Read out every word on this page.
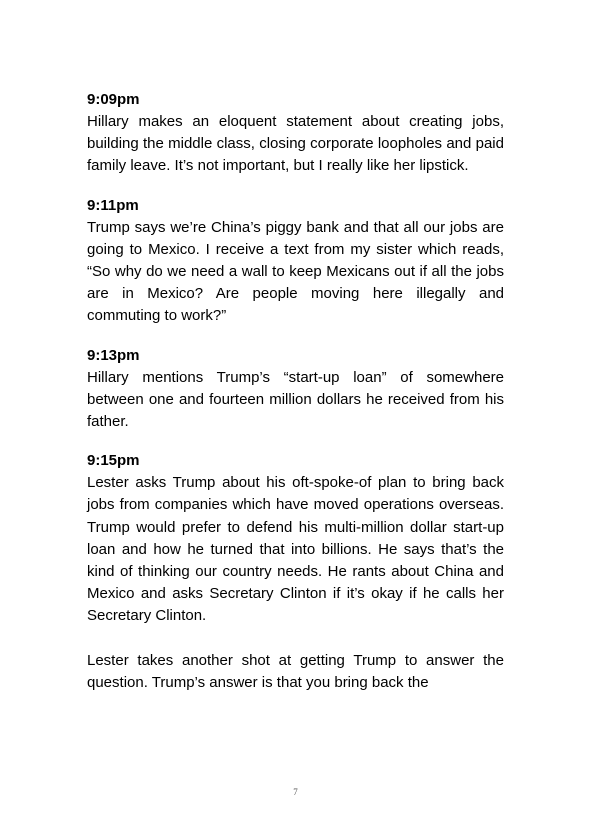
9:09pm

Hillary makes an eloquent statement about creating jobs, building the middle class, closing corporate loopholes and paid family leave. It’s not important, but I really like her lipstick.

9:11pm

Trump says we’re China’s piggy bank and that all our jobs are going to Mexico. I receive a text from my sister which reads, “So why do we need a wall to keep Mexicans out if all the jobs are in Mexico? Are people moving here illegally and commuting to work?”

9:13pm

Hillary mentions Trump’s “start-up loan” of somewhere between one and fourteen million dollars he received from his father.

9:15pm

Lester asks Trump about his oft-spoke-of plan to bring back jobs from companies which have moved operations overseas. Trump would prefer to defend his multi-million dollar start-up loan and how he turned that into billions. He says that’s the kind of thinking our country needs. He rants about China and Mexico and asks Secretary Clinton if it’s okay if he calls her Secretary Clinton.

Lester takes another shot at getting Trump to answer the question. Trump’s answer is that you bring back the

7
